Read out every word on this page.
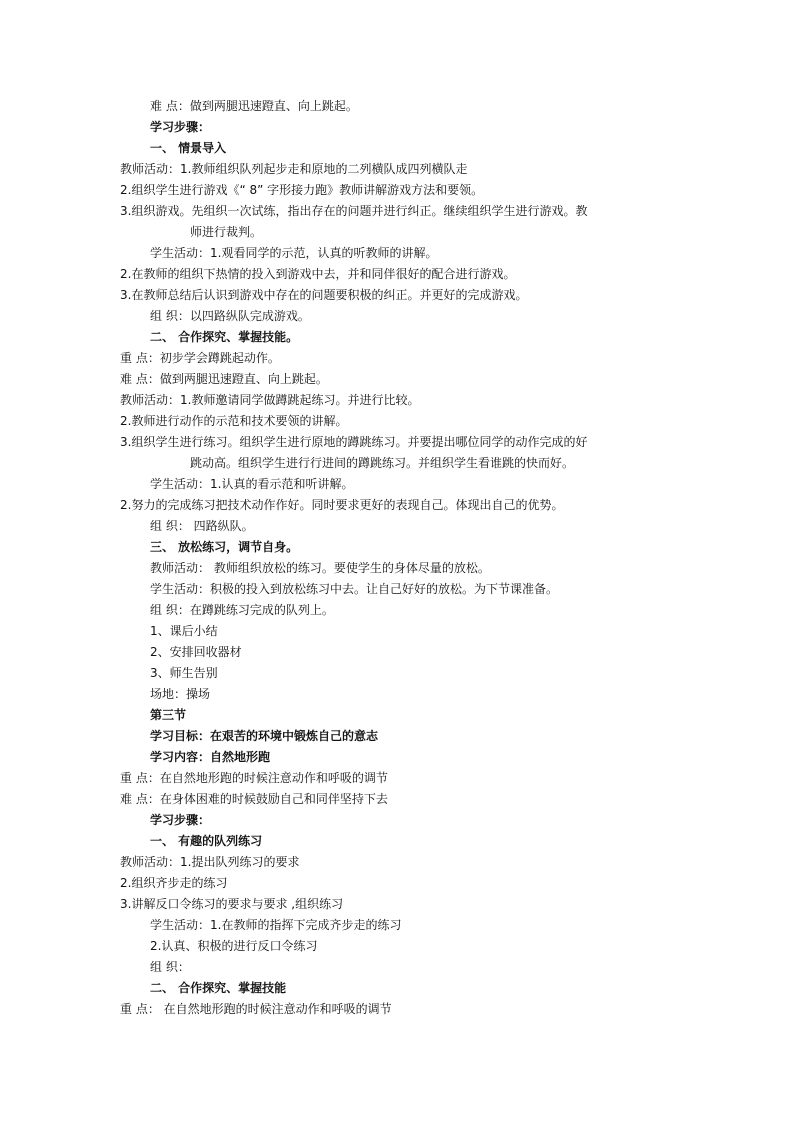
难 点：做到两腿迅速蹬直、向上跳起。
学习步骤：
一、 情景导入
教师活动：1.教师组织队列起步走和原地的二列横队成四列横队走
2.组织学生进行游戏《“ 8” 字形接力跑》教师讲解游戏方法和要领。
3.组织游戏。先组织一次试练，指出存在的问题并进行纠正。继续组织学生进行游戏。教
师进行裁判。
学生活动：1.观看同学的示范，认真的听教师的讲解。
2.在教师的组织下热情的投入到游戏中去，并和同伴很好的配合进行游戏。
3.在教师总结后认识到游戏中存在的问题要积极的纠正。并更好的完成游戏。
组 织：以四路纵队完成游戏。
二、 合作探究、掌握技能。
重 点：初步学会蹲跳起动作。
难 点：做到两腿迅速蹬直、向上跳起。
教师活动：1.教师邀请同学做蹲跳起练习。并进行比较。
2.教师进行动作的示范和技术要领的讲解。
3.组织学生进行练习。组织学生进行原地的蹲跳练习。并要提出哪位同学的动作完成的好
跳动高。组织学生进行行进间的蹲跳练习。并组织学生看谁跳的快而好。
学生活动：1.认真的看示范和听讲解。
2.努力的完成练习把技术动作作好。同时要求更好的表现自己。体现出自己的优势。
组 织： 四路纵队。
三、 放松练习，调节自身。
教师活动： 教师组织放松的练习。要使学生的身体尽量的放松。
学生活动：积极的投入到放松练习中去。让自己好好的放松。为下节课准备。
组 织：在蹲跳练习完成的队列上。
1、课后小结
2、安排回收器材
3、师生告别
场地：操场
第三节
学习目标：在艰苦的环境中锻炼自己的意志
学习内容：自然地形跑
重 点：在自然地形跑的时候注意动作和呼吸的调节
难 点：在身体困难的时候鼓励自己和同伴坚持下去
学习步骤：
一、 有趣的队列练习
教师活动：1.提出队列练习的要求
2.组织齐步走的练习
3.讲解反口令练习的要求与要求 ,组织练习
学生活动：1.在教师的指挥下完成齐步走的练习
2.认真、积极的进行反口令练习
组 织：
二、 合作探究、掌握技能
重 点： 在自然地形跑的时候注意动作和呼吸的调节
